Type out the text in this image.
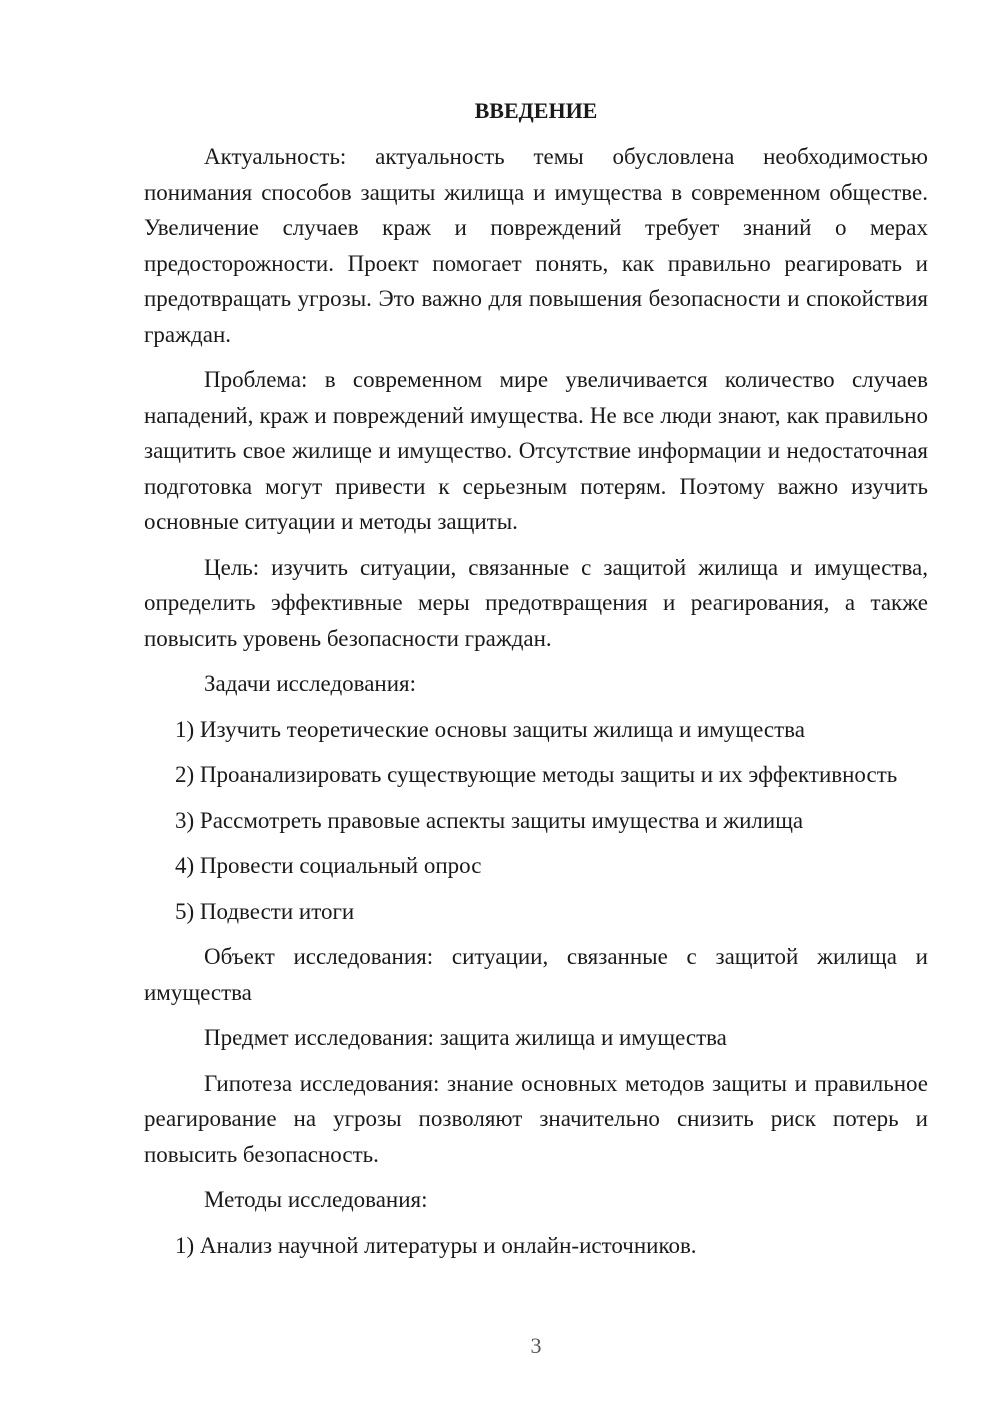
ВВЕДЕНИЕ

Актуальность: актуальность темы обусловлена необходимостью понимания способов защиты жилища и имущества в современном обществе. Увеличение случаев краж и повреждений требует знаний о мерах предосторожности. Проект помогает понять, как правильно реагировать и предотвращать угрозы. Это важно для повышения безопасности и спокойствия граждан.

Проблема: в современном мире увеличивается количество случаев нападений, краж и повреждений имущества. Не все люди знают, как правильно защитить свое жилище и имущество. Отсутствие информации и недостаточная подготовка могут привести к серьезным потерям. Поэтому важно изучить основные ситуации и методы защиты.

Цель: изучить ситуации, связанные с защитой жилища и имущества, определить эффективные меры предотвращения и реагирования, а также повысить уровень безопасности граждан.

Задачи исследования:

1) Изучить теоретические основы защиты жилища и имущества

2) Проанализировать существующие методы защиты и их эффективность

3) Рассмотреть правовые аспекты защиты имущества и жилища

4) Провести социальный опрос

5) Подвести итоги

Объект исследования: ситуации, связанные с защитой жилища и имущества

Предмет исследования: защита жилища и имущества

Гипотеза исследования: знание основных методов защиты и правильное реагирование на угрозы позволяют значительно снизить риск потерь и повысить безопасность.

Методы исследования:

1) Анализ научной литературы и онлайн-источников.

3
